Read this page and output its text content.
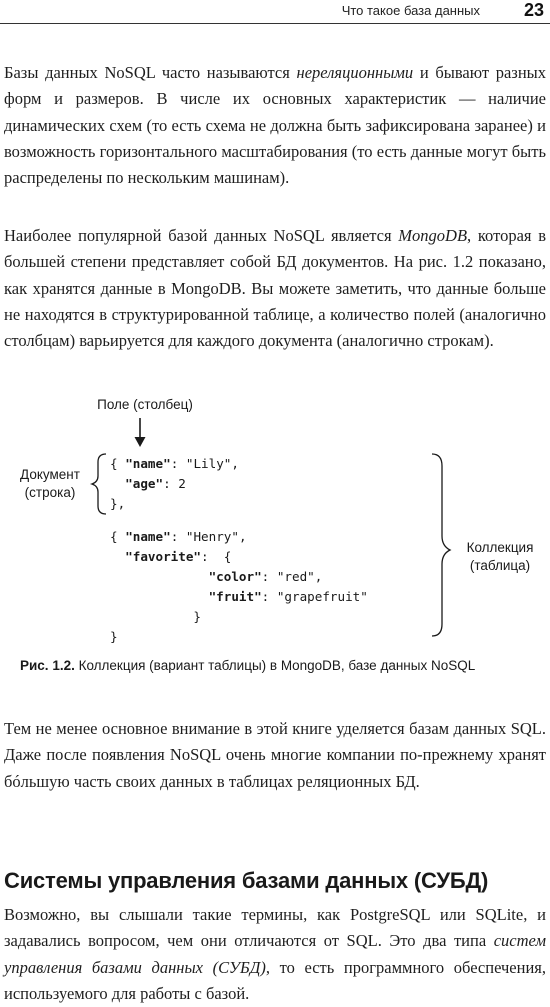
Что такое база данных 23

Базы данных NoSQL часто называются нереляционными и бывают разных форм и размеров. В числе их основных характеристик — наличие динамических схем (то есть схема не должна быть зафиксирована заранее) и возможность горизонтального масштабирования (то есть данные могут быть распределены по нескольким машинам).

Наиболее популярной базой данных NoSQL является MongoDB, которая в большей степени представляет собой БД документов. На рис. 1.2 показано, как хранятся данные в MongoDB. Вы можете заметить, что данные больше не находятся в структурированной таблице, а количество полей (аналогично столбцам) варьируется для каждого документа (аналогично строкам).

Поле (столбец)
Документ
(строка)
Коллекция
(таблица)
{ "name": "Lily",
"age": 2
},
{ "name": "Henry",
"favorite": {
"color": "red",
"fruit": "grapefruit"
}
}
Рис. 1.2. Коллекция (вариант таблицы) в MongoDB, базе данных NoSQL

Тем не менее основное внимание в этой книге уделяется базам данных SQL. Даже после появления NoSQL очень многие компании по-прежнему хранят бóльшую часть своих данных в таблицах реляционных БД.

Системы управления базами данных (СУБД)

Возможно, вы слышали такие термины, как PostgreSQL или SQLite, и задавались вопросом, чем они отличаются от SQL. Это два типа систем управления базами данных (СУБД), то есть программного обеспечения, используемого для работы с базой.
